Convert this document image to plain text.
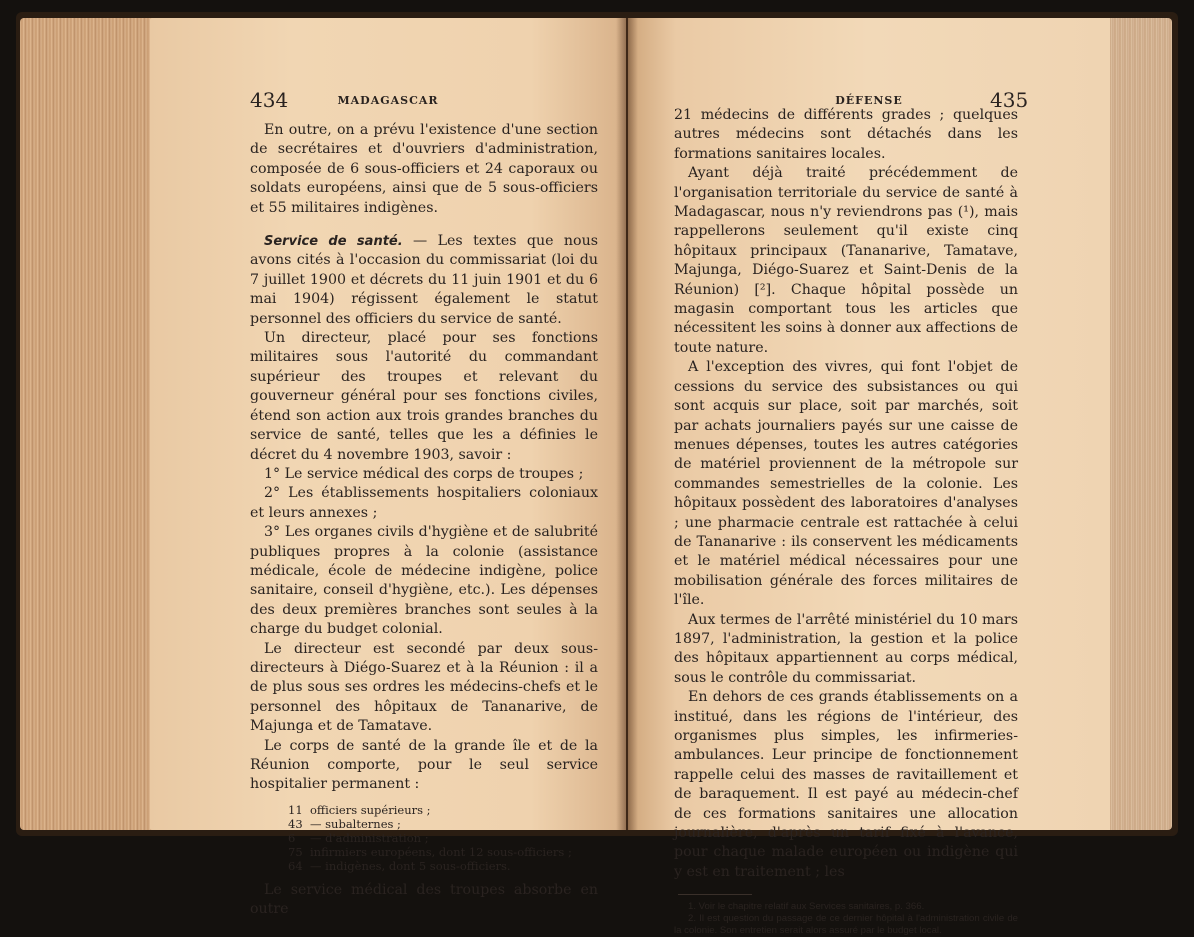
434	MADAGASCAR

En outre, on a prévu l'existence d'une section de secrétaires et d'ouvriers d'administration, composée de 6 sous-officiers et 24 caporaux ou soldats européens, ainsi que de 5 sous-officiers et 55 militaires indigènes.

Service de santé. — Les textes que nous avons cités à l'occasion du commissariat (loi du 7 juillet 1900 et décrets du 11 juin 1901 et du 6 mai 1904) régissent également le statut personnel des officiers du service de santé.

Un directeur, placé pour ses fonctions militaires sous l'autorité du commandant supérieur des troupes et relevant du gouverneur général pour ses fonctions civiles, étend son action aux trois grandes branches du service de santé, telles que les a définies le décret du 4 novembre 1903, savoir :

1° Le service médical des corps de troupes ;

2° Les établissements hospitaliers coloniaux et leurs annexes ;

3° Les organes civils d'hygiène et de salubrité publiques propres à la colonie (assistance médicale, école de médecine indigène, police sanitaire, conseil d'hygiène, etc.). Les dépenses des deux premières branches sont seules à la charge du budget colonial.

Le directeur est secondé par deux sous-directeurs à Diégo-Suarez et à la Réunion : il a de plus sous ses ordres les médecins-chefs et le personnel des hôpitaux de Tananarive, de Majunga et de Tamatave.

Le corps de santé de la grande île et de la Réunion comporte, pour le seul service hospitalier permanent :

11 officiers supérieurs ;
43 — subalternes ;
6	— d'administration ;
75 infirmiers européens, dont 12 sous-officiers ;
64 — indigènes, dont 5 sous-officiers.

Le service médical des troupes absorbe en outre

DÉFENSE	435

21 médecins de différents grades ; quelques autres médecins sont détachés dans les formations sanitaires locales.

Ayant déjà traité précédemment de l'organisation territoriale du service de santé à Madagascar, nous n'y reviendrons pas (¹), mais rappellerons seulement qu'il existe cinq hôpitaux principaux (Tananarive, Tamatave, Majunga, Diégo-Suarez et Saint-Denis de la Réunion) [²]. Chaque hôpital possède un magasin comportant tous les articles que nécessitent les soins à donner aux affections de toute nature.

A l'exception des vivres, qui font l'objet de cessions du service des subsistances ou qui sont acquis sur place, soit par marchés, soit par achats journaliers payés sur une caisse de menues dépenses, toutes les autres catégories de matériel proviennent de la métropole sur commandes semestrielles de la colonie. Les hôpitaux possèdent des laboratoires d'analyses ; une pharmacie centrale est rattachée à celui de Tananarive : ils conservent les médicaments et le matériel médical nécessaires pour une mobilisation générale des forces militaires de l'île.

Aux termes de l'arrêté ministériel du 10 mars 1897, l'administration, la gestion et la police des hôpitaux appartiennent au corps médical, sous le contrôle du commissariat.

En dehors de ces grands établissements on a institué, dans les régions de l'intérieur, des organismes plus simples, les infirmeries-ambulances. Leur principe de fonctionnement rappelle celui des masses de ravitaillement et de baraquement. Il est payé au médecin-chef de ces formations sanitaires une allocation journalière, d'après un tarif fixé à l'avance, pour chaque malade européen ou indigène qui y est en traitement ; les

1. Voir le chapitre relatif aux Services sanitaires, p. 366.

2. Il est question du passage de ce dernier hôpital à l'administration civile de la colonie. Son entretien serait alors assuré par le budget local.
